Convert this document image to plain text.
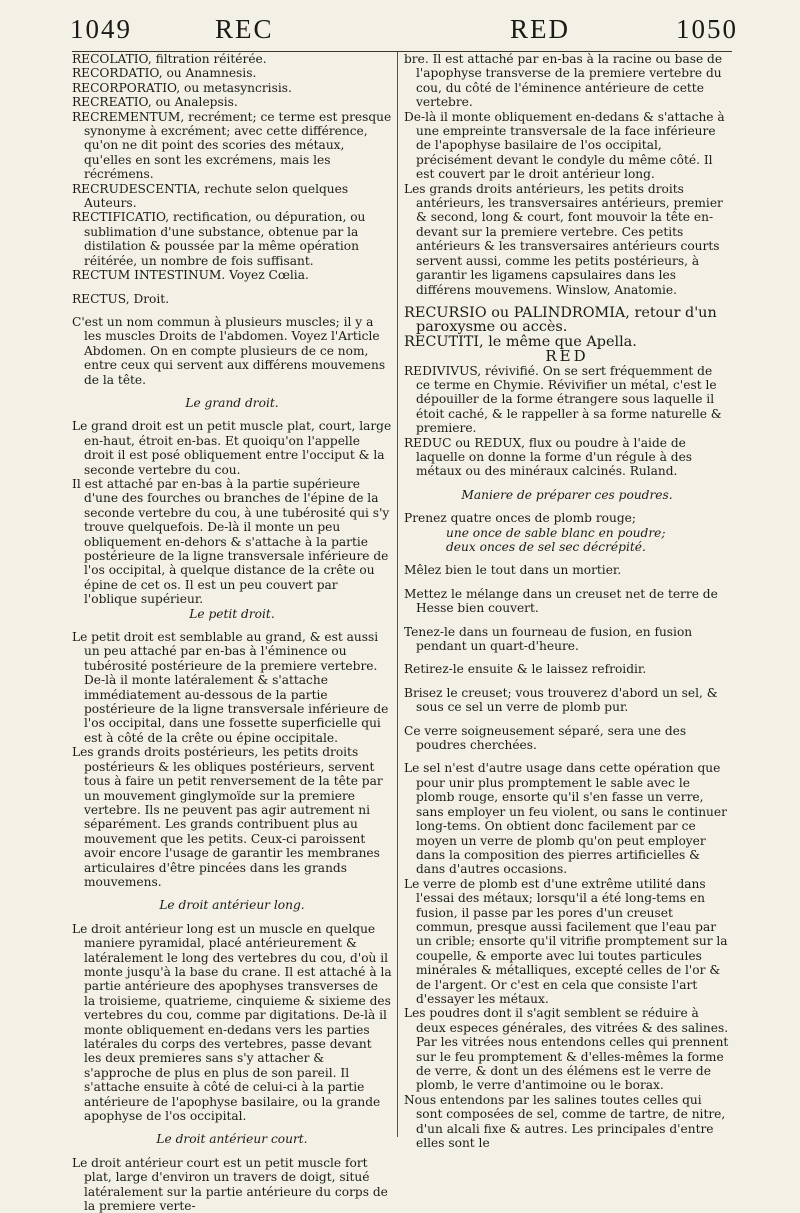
1049	REC	RED	1050

RECOLATIO, filtration réitérée.

RECORDATIO, ou Anamnesis.

RECORPORATIO, ou metasyncrisis.

RECREATIO, ou Analepsis.

RECREMENTUM, recrément; ce terme est presque synonyme à excrément; avec cette différence, qu'on ne dit point des scories des métaux, qu'elles en sont les excrémens, mais les récrémens.

RECRUDESCENTIA, rechute selon quelques Auteurs.

RECTIFICATIO, rectification, ou dépuration, ou sublimation d'une substance, obtenue par la distilation & poussée par la même opération réitérée, un nombre de fois suffisant.

RECTUM INTESTINUM. Voyez Cœlia.

RECTUS, Droit.

C'est un nom commun à plusieurs muscles; il y a les muscles Droits de l'abdomen. Voyez l'Article Abdomen. On en compte plusieurs de ce nom, entre ceux qui servent aux différens mouvemens de la tête.

Le grand droit.

Le grand droit est un petit muscle plat, court, large en-haut, étroit en-bas. Et quoiqu'on l'appelle droit il est posé obliquement entre l'occiput & la seconde vertebre du cou.

Il est attaché par en-bas à la partie supérieure d'une des fourches ou branches de l'épine de la seconde vertebre du cou, à une tubérosité qui s'y trouve quelquefois. De-là il monte un peu obliquement en-dehors & s'attache à la partie postérieure de la ligne transversale inférieure de l'os occipital, à quelque distance de la crête ou épine de cet os. Il est un peu couvert par l'oblique supérieur.

Le petit droit.

Le petit droit est semblable au grand, & est aussi un peu attaché par en-bas à l'éminence ou tubérosité postérieure de la premiere vertebre. De-là il monte latéralement & s'attache immédiatement au-dessous de la partie postérieure de la ligne transversale inférieure de l'os occipital, dans une fossette superficielle qui est à côté de la crête ou épine occipitale.

Les grands droits postérieurs, les petits droits postérieurs & les obliques postérieurs, servent tous à faire un petit renversement de la tête par un mouvement ginglymoïde sur la premiere vertebre. Ils ne peuvent pas agir autrement ni séparément. Les grands contribuent plus au mouvement que les petits. Ceux-ci paroissent avoir encore l'usage de garantir les membranes articulaires d'être pincées dans les grands mouvemens.

Le droit antérieur long.

Le droit antérieur long est un muscle en quelque maniere pyramidal, placé antérieurement & latéralement le long des vertebres du cou, d'où il monte jusqu'à la base du crane. Il est attaché à la partie antérieure des apophyses transverses de la troisieme, quatrieme, cinquieme & sixieme des vertebres du cou, comme par digitations. De-là il monte obliquement en-dedans vers les parties latérales du corps des vertebres, passe devant les deux premieres sans s'y attacher & s'approche de plus en plus de son pareil. Il s'attache ensuite à côté de celui-ci à la partie antérieure de l'apophyse basilaire, ou la grande apophyse de l'os occipital.

Le droit antérieur court.

Le droit antérieur court est un petit muscle fort plat, large d'environ un travers de doigt, situé latéralement sur la partie antérieure du corps de la premiere verte-

bre. Il est attaché par en-bas à la racine ou base de l'apophyse transverse de la premiere vertebre du cou, du côté de l'éminence antérieure de cette vertebre.

De-là il monte obliquement en-dedans & s'attache à une empreinte transversale de la face inférieure de l'apophyse basilaire de l'os occipital, précisément devant le condyle du même côté. Il est couvert par le droit antérieur long.

Les grands droits antérieurs, les petits droits antérieurs, les transversaires antérieurs, premier & second, long & court, font mouvoir la tête en-devant sur la premiere vertebre. Ces petits antérieurs & les transversaires antérieurs courts servent aussi, comme les petits postérieurs, à garantir les ligamens capsulaires dans les différens mouvemens. Winslow, Anatomie.

RECURSIO ou PALINDROMIA, retour d'un paroxysme ou accès.

RECUTITI, le même que Apella.

RED

REDIVIVUS, révivifié. On se sert fréquemment de ce terme en Chymie. Révivifier un métal, c'est le dépouiller de la forme étrangere sous laquelle il étoit caché, & le rappeller à sa forme naturelle & premiere.

REDUC ou REDUX, flux ou poudre à l'aide de laquelle on donne la forme d'un régule à des métaux ou des minéraux calcinés. Ruland.

Maniere de préparer ces poudres.

Prenez quatre onces de plomb rouge;

une once de sable blanc en poudre;

deux onces de sel sec décrépité.

Mêlez bien le tout dans un mortier.

Mettez le mélange dans un creuset net de terre de Hesse bien couvert.

Tenez-le dans un fourneau de fusion, en fusion pendant un quart-d'heure.

Retirez-le ensuite & le laissez refroidir.

Brisez le creuset; vous trouverez d'abord un sel, & sous ce sel un verre de plomb pur.

Ce verre soigneusement séparé, sera une des poudres cherchées.

Le sel n'est d'autre usage dans cette opération que pour unir plus promptement le sable avec le plomb rouge, ensorte qu'il s'en fasse un verre, sans employer un feu violent, ou sans le continuer long-tems. On obtient donc facilement par ce moyen un verre de plomb qu'on peut employer dans la composition des pierres artificielles & dans d'autres occasions.

Le verre de plomb est d'une extrême utilité dans l'essai des métaux; lorsqu'il a été long-tems en fusion, il passe par les pores d'un creuset commun, presque aussi facilement que l'eau par un crible; ensorte qu'il vitrifie promptement sur la coupelle, & emporte avec lui toutes particules minérales & métalliques, excepté celles de l'or & de l'argent. Or c'est en cela que consiste l'art d'essayer les métaux.

Les poudres dont il s'agit semblent se réduire à deux especes générales, des vitrées & des salines. Par les vitrées nous entendons celles qui prennent sur le feu promptement & d'elles-mêmes la forme de verre, & dont un des élémens est le verre de plomb, le verre d'antimoine ou le borax.

Nous entendons par les salines toutes celles qui sont composées de sel, comme de tartre, de nitre, d'un alcali fixe & autres. Les principales d'entre elles sont le
